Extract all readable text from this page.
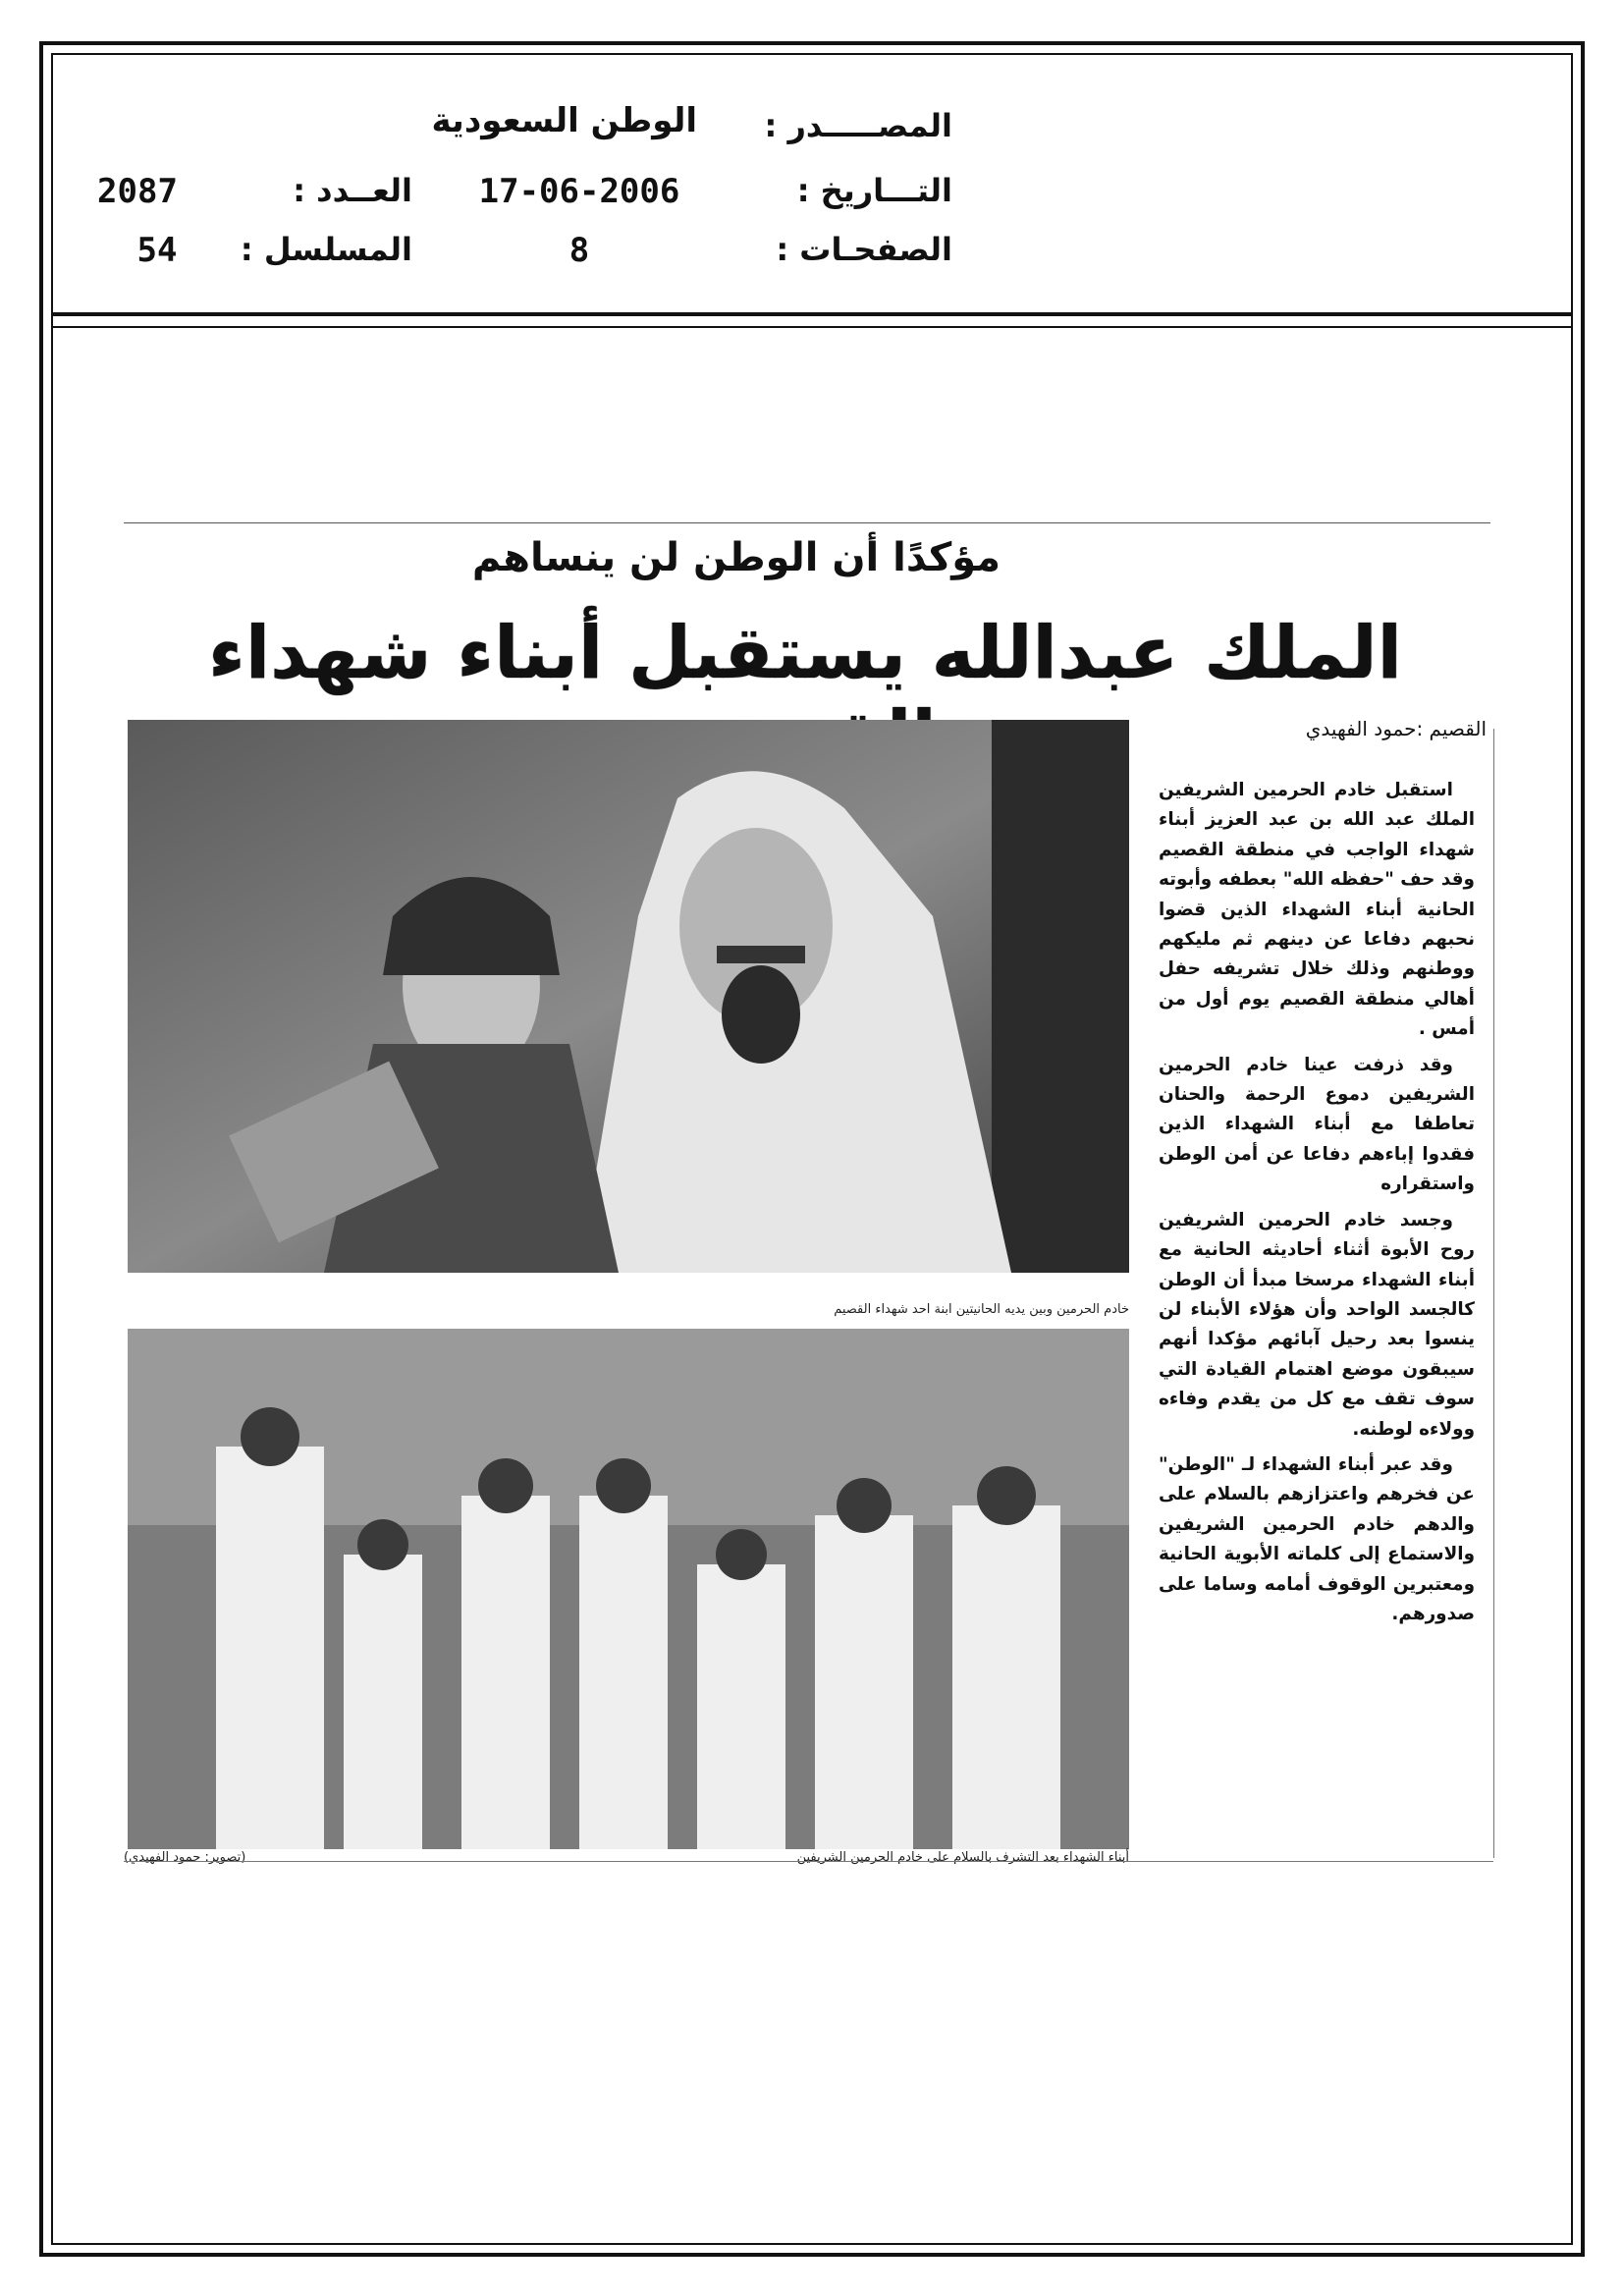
المصـــــدر :
الوطن السعودية
التـــاريخ :
17-06-2006
الصفحـات :
8
العــدد :
2087
المسلسل :
54
مؤكدًا أن الوطن لن ينساهم
الملك عبدالله يستقبل أبناء شهداء
خادم الحرمين وبين يديه الحانيتين ابنة احد شهداء القصيم
أبناء الشهداء بعد التشرف بالسلام على خادم الحرمين الشريفين
(تصوير: حمود الفهيدي)
القصيم :حمود الفهيدي

استقبل خادم الحرمين الشريفين الملك عبد الله بن عبد العزيز أبناء شهداء الواجب في منطقة القصيم وقد حف "حفظه الله" بعطفه وأبوته الحانية أبناء الشهداء الذين قضوا نحبهم دفاعا عن دينهم ثم مليكهم ووطنهم وذلك خلال تشريفه حفل أهالي منطقة القصيم يوم أول من أمس .

وقد ذرفت عينا خادم الحرمين الشريفين دموع الرحمة والحنان تعاطفا مع أبناء الشهداء الذين فقدوا إباءهم دفاعا عن أمن الوطن واستقراره

وجسد خادم الحرمين الشريفين روح الأبوة أثناء أحاديثه الحانية مع أبناء الشهداء مرسخا مبدأ أن الوطن كالجسد الواحد وأن هؤلاء الأبناء لن ينسوا بعد رحيل آبائهم مؤكدا أنهم سيبقون موضع اهتمام القيادة التي سوف تقف مع كل من يقدم وفاءه وولاءه لوطنه.

وقد عبر أبناء الشهداء لـ "الوطن" عن فخرهم واعتزازهم بالسلام على والدهم خادم الحرمين الشريفين والاستماع إلى كلماته الأبوية الحانية ومعتبرين الوقوف أمامه وساما على صدورهم.
